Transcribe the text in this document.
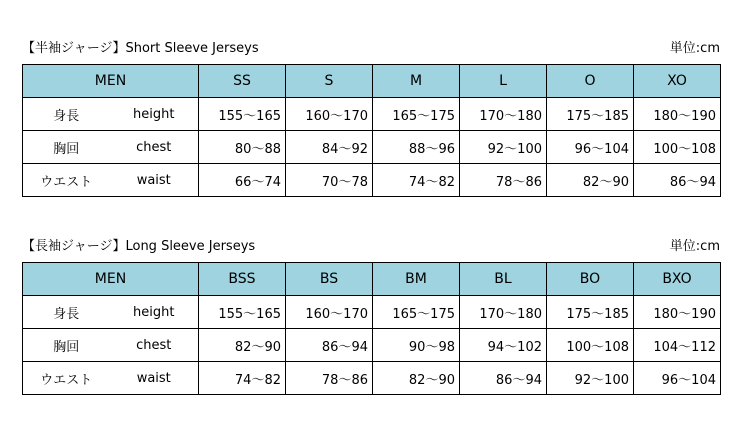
【半袖ジャージ】Short Sleeve Jerseys	単位:cm
MEN		SS	S	M	L	O	XO
身長	height	155〜165	160〜170	165〜175	170〜180	175〜185	180〜190
胸回	chest	80〜88	84〜92	88〜96	92〜100	96〜104	100〜108
ウエスト	waist	66〜74	70〜78	74〜82	78〜86	82〜90	86〜94
【長袖ジャージ】Long Sleeve Jerseys	単位:cm
MEN		BSS	BS	BM	BL	BO	BXO
身長	height	155〜165	160〜170	165〜175	170〜180	175〜185	180〜190
胸回	chest	82〜90	86〜94	90〜98	94〜102	100〜108	104〜112
ウエスト	waist	74〜82	78〜86	82〜90	86〜94	92〜100	96〜104
